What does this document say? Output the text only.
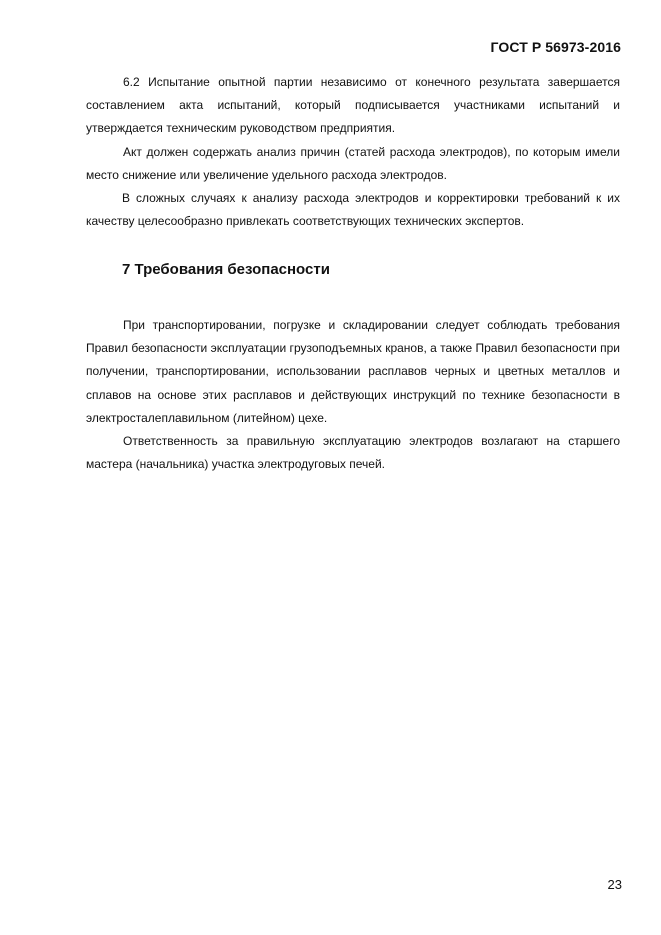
ГОСТ Р 56973-2016

6.2 Испытание опытной партии независимо от конечного результата завершается составлением акта испытаний, который подписывается участниками испытаний и утверждается техническим руководством предприятия.

Акт должен содержать анализ причин (статей расхода электродов), по которым имели место снижение или увеличение удельного расхода электродов.

В сложных случаях к анализу расхода электродов и корректировки требований к их качеству целесообразно привлекать соответствующих технических экспертов.

7 Требования безопасности

При транспортировании, погрузке и складировании следует соблюдать требования Правил безопасности эксплуатации грузоподъемных кранов, а также Правил безопасности при получении, транспортировании, использовании расплавов черных и цветных металлов и сплавов на основе этих расплавов и действующих инструкций по технике безопасности в электросталеплавильном (литейном) цехе.

Ответственность за правильную эксплуатацию электродов возлагают на старшего мастера (начальника) участка электродуговых печей.

23
